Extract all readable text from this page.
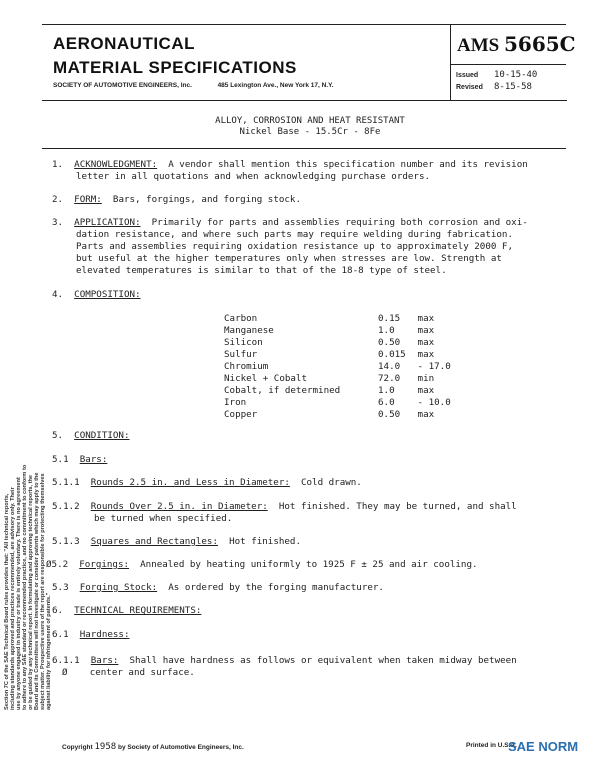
Section 7C of the SAE Technical Board rules provides that: "All technical reports, including standards approved and practices recommended, are advisory only. Their use by anyone engaged in industry or trade is entirely voluntary. There is no agreement to adhere to any SAE standard or recommended practice, and no commitment to conform to or be guided by any technical report. In formulating and approving technical reports, the Board and its Committees will not investigate or consider patents which may apply to the subject matter. Prospective users of the report are responsible for protecting themselves against liability for infringement of patents."
AERONAUTICAL
MATERIAL SPECIFICATIONS
SOCIETY OF AUTOMOTIVE ENGINEERS, Inc.	485 Lexington Ave., New York 17, N.Y.
AMS 5665C
Issued 10-15-40
Revised 8-15-58
ALLOY, CORROSION AND HEAT RESISTANT
Nickel Base - 15.5Cr - 8Fe
1. ACKNOWLEDGMENT: A vendor shall mention this specification number and its revision
letter in all quotations and when acknowledging purchase orders.
2. FORM: Bars, forgings, and forging stock.
3. APPLICATION: Primarily for parts and assemblies requiring both corrosion and oxi-
dation resistance, and where such parts may require welding during fabrication.
Parts and assemblies requiring oxidation resistance up to approximately 2000 F,
but useful at the higher temperatures only when stresses are low. Strength at
elevated temperatures is similar to that of the 18-8 type of steel.
4. COMPOSITION:
Carbon	0.15 max
Manganese	1.0 max
Silicon	0.50 max
Sulfur	0.015 max
Chromium	14.0 - 17.0
Nickel + Cobalt	72.0 min
Cobalt, if determined	1.0 max
Iron	6.0 - 10.0
Copper	0.50 max
5. CONDITION:
5.1 Bars:
5.1.1 Rounds 2.5 in. and Less in Diameter: Cold drawn.
5.1.2 Rounds Over 2.5 in. in Diameter: Hot finished. They may be turned, and shall
be turned when specified.
5.1.3 Squares and Rectangles: Hot finished.
Ø5.2 Forgings: Annealed by heating uniformly to 1925 F ± 25 and air cooling.
5.3 Forging Stock: As ordered by the forging manufacturer.
6. TECHNICAL REQUIREMENTS:
6.1 Hardness:
6.1.1 Bars: Shall have hardness as follows or equivalent when taken midway between
Ø center and surface.
Copyright 1958 by Society of Automotive Engineers, Inc.	Printed in U.S.A.
SAE NORM
